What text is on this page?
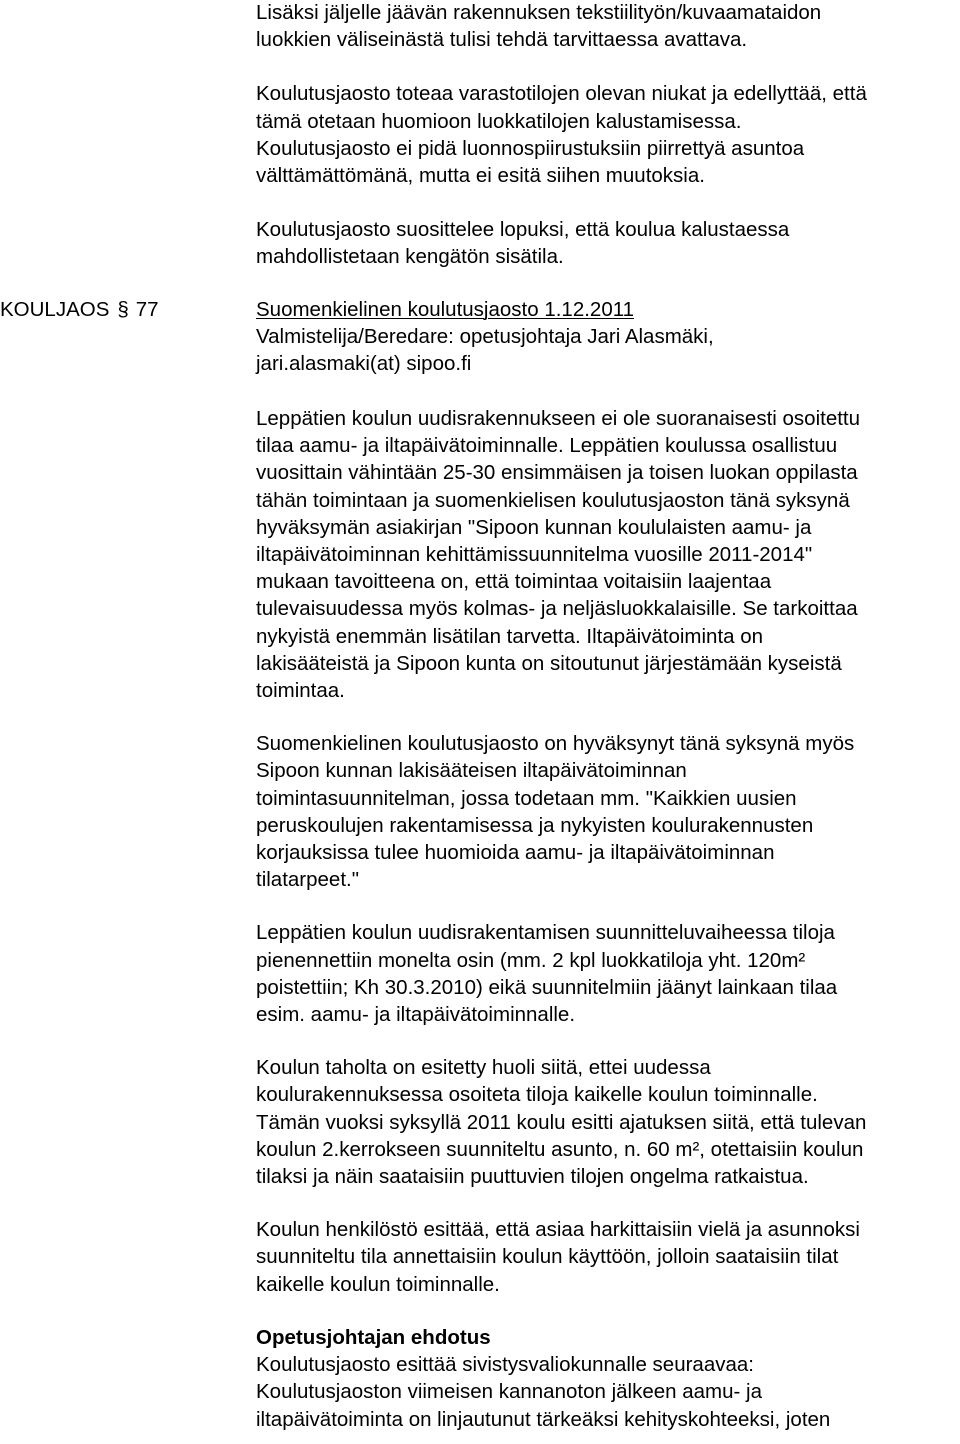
Lisäksi jäljelle jäävän rakennuksen tekstiilityön/kuvaamataidon
luokkien väliseinästä tulisi tehdä tarvittaessa avattava.

Koulutusjaosto toteaa varastotilojen olevan niukat ja edellyttää, että
tämä otetaan huomioon luokkatilojen kalustamisessa.
Koulutusjaosto ei pidä luonnospiirustuksiin piirrettyä asuntoa
välttämättömänä, mutta ei esitä siihen muutoksia.

Koulutusjaosto suosittelee lopuksi, että koulua kalustaessa
mahdollistetaan kengätön sisätila.

KOULJAOS § 77	Suomenkielinen koulutusjaosto 1.12.2011
Valmistelija/Beredare: opetusjohtaja Jari Alasmäki,
jari.alasmaki(at) sipoo.fi

Leppätien koulun uudisrakennukseen ei ole suoranaisesti osoitettu
tilaa aamu- ja iltapäivätoiminnalle. Leppätien koulussa osallistuu
vuosittain vähintään 25-30 ensimmäisen ja toisen luokan oppilasta
tähän toimintaan ja suomenkielisen koulutusjaoston tänä syksynä
hyväksymän asiakirjan "Sipoon kunnan koululaisten aamu- ja
iltapäivätoiminnan kehittämissuunnitelma vuosille 2011-2014"
mukaan tavoitteena on, että toimintaa voitaisiin laajentaa
tulevaisuudessa myös kolmas- ja neljäsluokkalaisille. Se tarkoittaa
nykyistä enemmän lisätilan tarvetta. Iltapäivätoiminta on
lakisääteistä ja Sipoon kunta on sitoutunut järjestämään kyseistä
toimintaa.

Suomenkielinen koulutusjaosto on hyväksynyt tänä syksynä myös
Sipoon kunnan lakisääteisen iltapäivätoiminnan
toimintasuunnitelman, jossa todetaan mm. "Kaikkien uusien
peruskoulujen rakentamisessa ja nykyisten koulurakennusten
korjauksissa tulee huomioida aamu- ja iltapäivätoiminnan
tilatarpeet."

Leppätien koulun uudisrakentamisen suunnitteluvaiheessa tiloja
pienennettiin monelta osin (mm. 2 kpl luokkatiloja yht. 120m²
poistettiin; Kh 30.3.2010) eikä suunnitelmiin jäänyt lainkaan tilaa
esim. aamu- ja iltapäivätoiminnalle.

Koulun taholta on esitetty huoli siitä, ettei uudessa
koulurakennuksessa osoiteta tiloja kaikelle koulun toiminnalle.
Tämän vuoksi syksyllä 2011 koulu esitti ajatuksen siitä, että tulevan
koulun 2.kerrokseen suunniteltu asunto, n. 60 m², otettaisiin koulun
tilaksi ja näin saataisiin puuttuvien tilojen ongelma ratkaistua.

Koulun henkilöstö esittää, että asiaa harkittaisiin vielä ja asunnoksi
suunniteltu tila annettaisiin koulun käyttöön, jolloin saataisiin tilat
kaikelle koulun toiminnalle.

Opetusjohtajan ehdotus
Koulutusjaosto esittää sivistysvaliokunnalle seuraavaa:
Koulutusjaoston viimeisen kannanoton jälkeen aamu- ja
iltapäivätoiminta on linjautunut tärkeäksi kehityskohteeksi, joten
